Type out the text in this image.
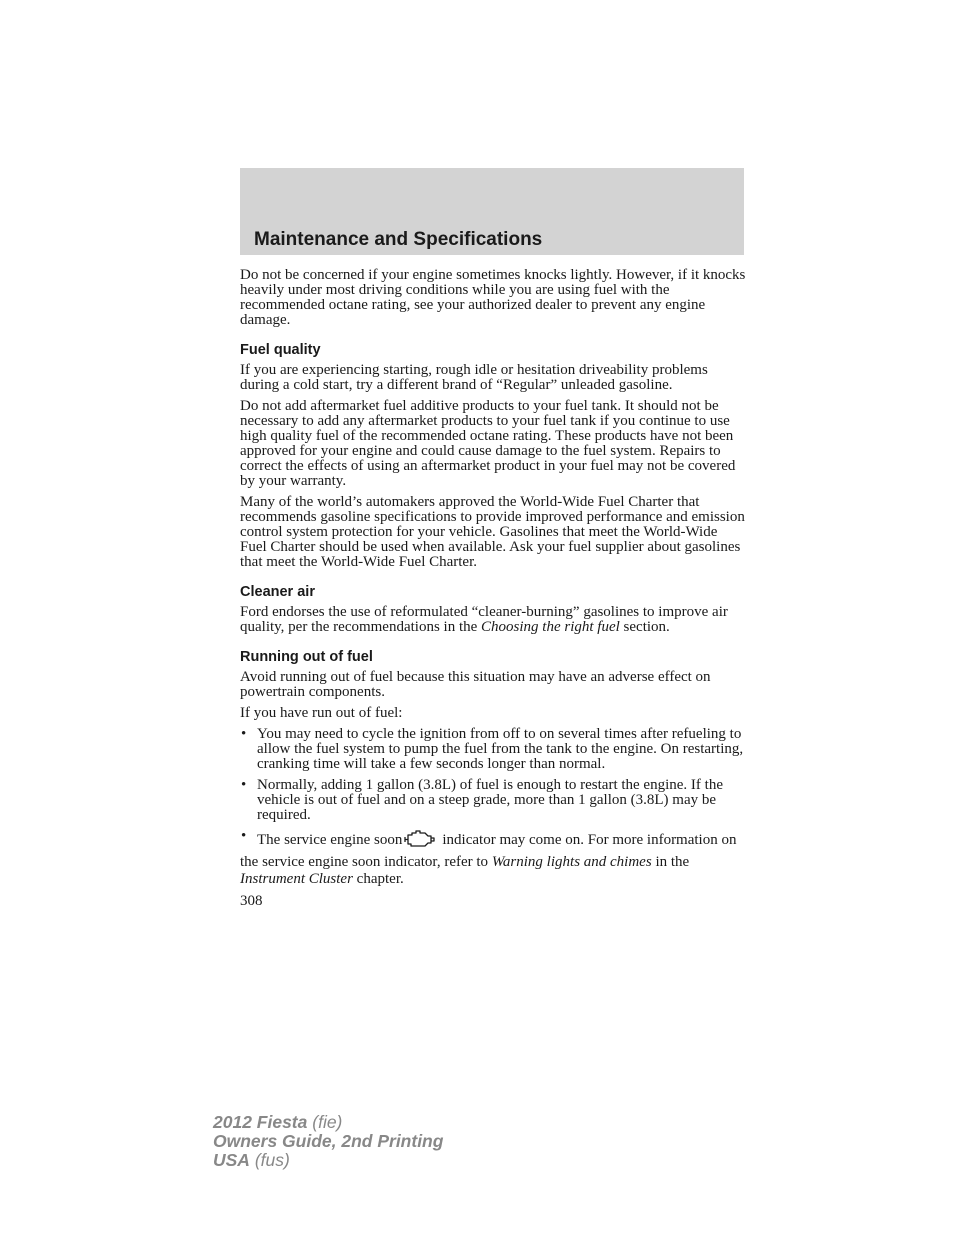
Maintenance and Specifications

Do not be concerned if your engine sometimes knocks lightly. However, if it knocks heavily under most driving conditions while you are using fuel with the recommended octane rating, see your authorized dealer to prevent any engine damage.

Fuel quality

If you are experiencing starting, rough idle or hesitation driveability problems during a cold start, try a different brand of “Regular” unleaded gasoline.

Do not add aftermarket fuel additive products to your fuel tank. It should not be necessary to add any aftermarket products to your fuel tank if you continue to use high quality fuel of the recommended octane rating. These products have not been approved for your engine and could cause damage to the fuel system. Repairs to correct the effects of using an aftermarket product in your fuel may not be covered by your warranty.

Many of the world’s automakers approved the World-Wide Fuel Charter that recommends gasoline specifications to provide improved performance and emission control system protection for your vehicle. Gasolines that meet the World-Wide Fuel Charter should be used when available. Ask your fuel supplier about gasolines that meet the World-Wide Fuel Charter.

Cleaner air

Ford endorses the use of reformulated “cleaner-burning” gasolines to improve air quality, per the recommendations in the Choosing the right fuel section.

Running out of fuel

Avoid running out of fuel because this situation may have an adverse effect on powertrain components.

If you have run out of fuel:

• You may need to cycle the ignition from off to on several times after refueling to allow the fuel system to pump the fuel from the tank to the engine. On restarting, cranking time will take a few seconds longer than normal.
• Normally, adding 1 gallon (3.8L) of fuel is enough to restart the engine. If the vehicle is out of fuel and on a steep grade, more than 1 gallon (3.8L) may be required.
• The service engine soon	indicator may come on. For more information on the service engine soon indicator, refer to Warning lights and chimes in the Instrument Cluster chapter.
308
2012 Fiesta (fie)
Owners Guide, 2nd Printing
USA (fus)
